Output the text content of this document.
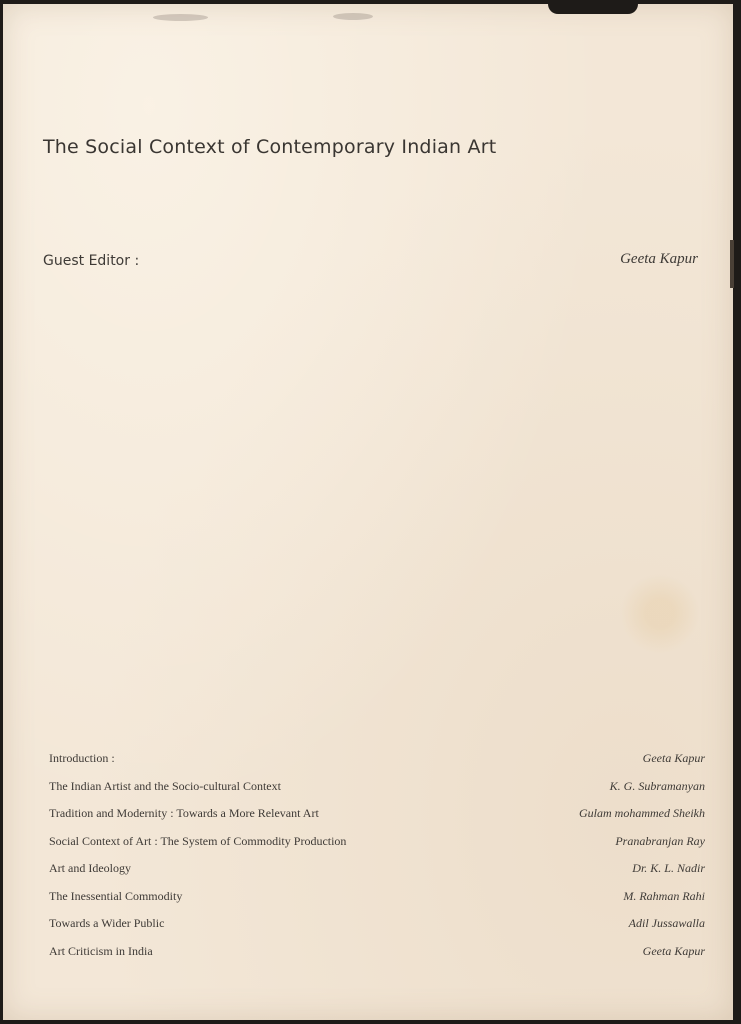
The Social Context of Contemporary Indian Art
Guest Editor :	Geeta Kapur
Introduction :	Geeta Kapur
The Indian Artist and the Socio-cultural Context	K. G. Subramanyan
Tradition and Modernity : Towards a More Relevant Art	Gulam mohammed Sheikh
Social Context of Art : The System of Commodity Production	Pranabranjan Ray
Art and Ideology	Dr. K. L. Nadir
The Inessential Commodity	M. Rahman Rahi
Towards a Wider Public	Adil Jussawalla
Art Criticism in India	Geeta Kapur
